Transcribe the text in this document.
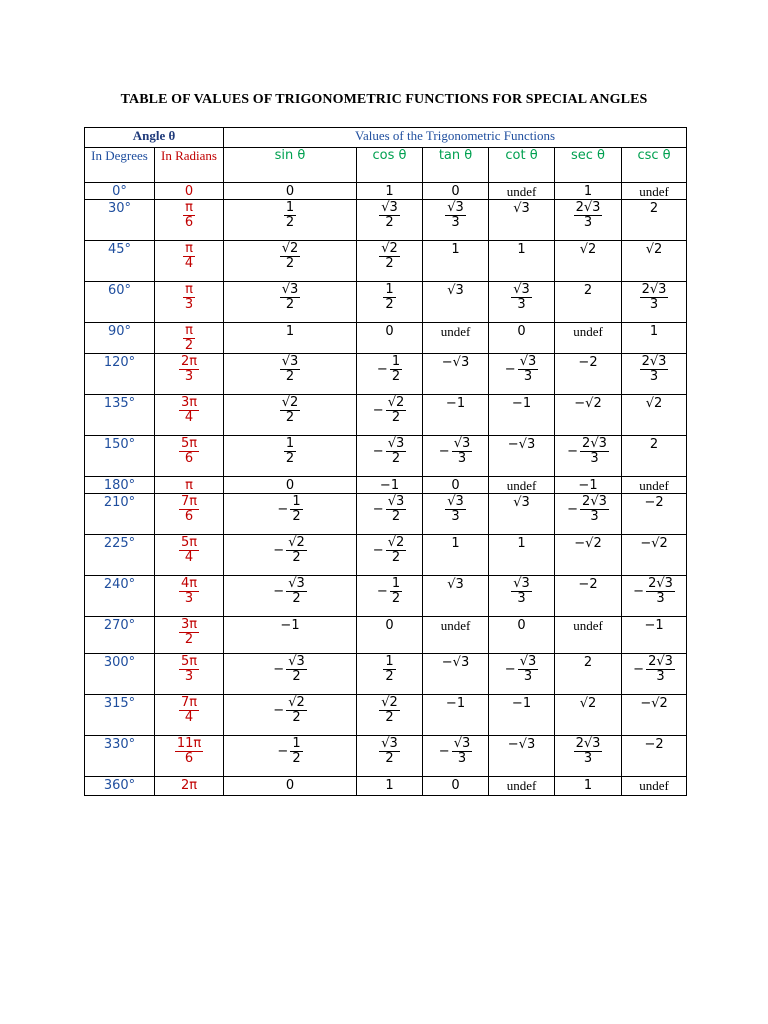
TABLE OF VALUES OF TRIGONOMETRIC FUNCTIONS FOR SPECIAL ANGLES
Angle θ		Values of the Trigonometric Functions					
In Degrees	In Radians	sin θ	cos θ	tan θ	cot θ	sec θ	csc θ
0°	0	0	1	0	undef	1	undef
30°	$\frac{\pi}{6}$	$\frac{1}{2}$	$\frac{√3}{2}$	$\frac{√3}{3}$	√3	$\frac{2√3}{3}$	2
45°	$\frac{\pi}{4}$	$\frac{√2}{2}$	$\frac{√2}{2}$	1	1	√2	√2
60°	$\frac{\pi}{3}$	$\frac{√3}{2}$	$\frac{1}{2}$	√3	$\frac{√3}{3}$	2	$\frac{2√3}{3}$

90°	$\frac{\pi}{2}$	1	0	undef	0	undef	1
120°	$\frac{2\pi}{3}$	$\frac{√3}{2}$	− $\frac{1}{2}$	−√3	− $\frac{√3}{3}$	−2	$\frac{2√3}{3}$

135°	$\frac{3\pi}{4}$	$\frac{√2}{2}$	− $\frac{√2}{2}$	−1	−1	−√2	√2
150°	$\frac{5\pi}{6}$	$\frac{1}{2}$	− $\frac{√3}{2}$	− $\frac{√3}{3}$	−√3	− $\frac{2√3}{3}$	2
180°	π	0	−1	0	undef	−1	undef
210°	$\frac{7\pi}{6}$	− $\frac{1}{2}$	− $\frac{√3}{2}$	$\frac{√3}{3}$	√3	− $\frac{2√3}{3}$	−2
225°	$\frac{5\pi}{4}$	− $\frac{√2}{2}$	− $\frac{√2}{2}$	1	1	−√2	−√2
240°	$\frac{4\pi}{3}$	− $\frac{√3}{2}$	− $\frac{1}{2}$	√3	$\frac{√3}{3}$	−2	− $\frac{2√3}{3}$

270°	$\frac{3\pi}{2}$	−1	0	undef	0	undef	−1
300°	$\frac{5\pi}{3}$	− $\frac{√3}{2}$	$\frac{1}{2}$	−√3	− $\frac{√3}{3}$	2	− $\frac{2√3}{3}$

315°	$\frac{7\pi}{4}$	− $\frac{√2}{2}$	$\frac{√2}{2}$	−1	−1	√2	−√2
330°	$\frac{11\pi}{6}$	− $\frac{1}{2}$	$\frac{√3}{2}$	− $\frac{√3}{3}$	−√3	$\frac{2√3}{3}$	−2
360°	2π	0	1	0	undef	1	undef
